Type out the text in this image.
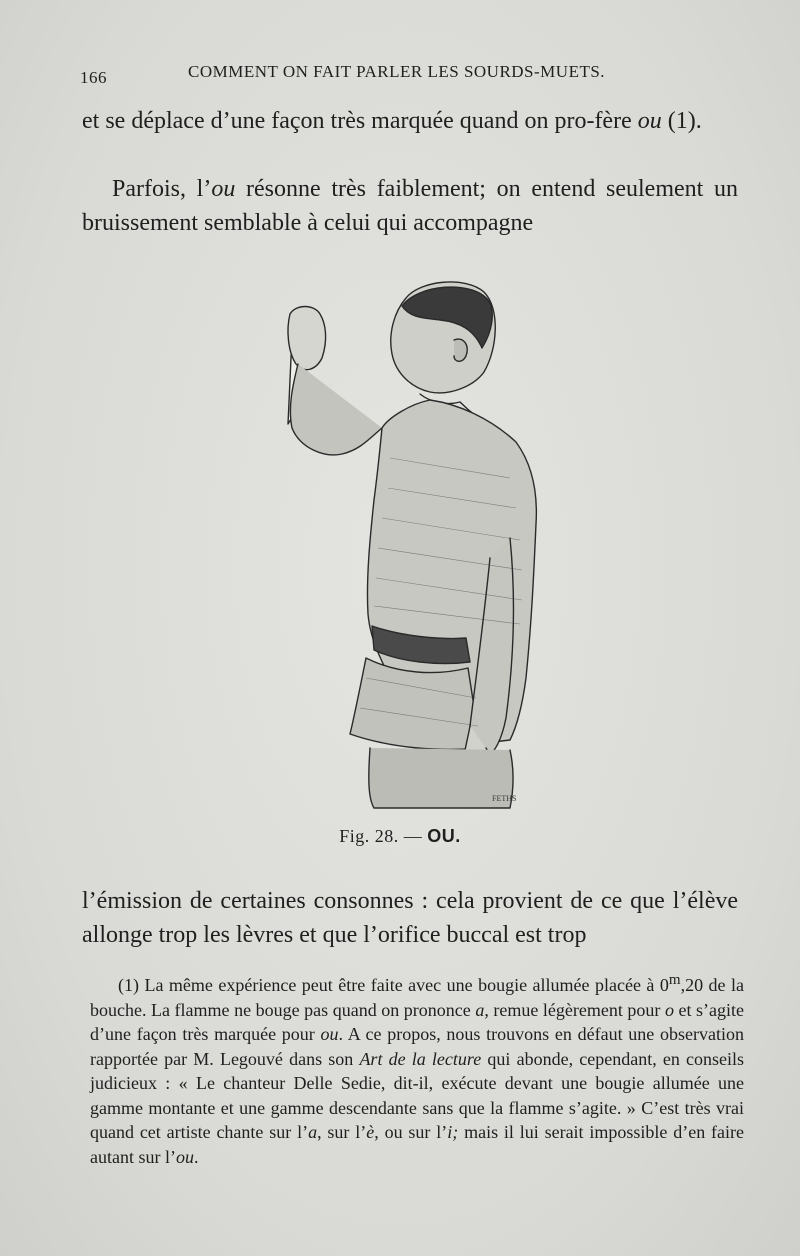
166	COMMENT ON FAIT PARLER LES SOURDS-MUETS.
et se déplace d’une façon très marquée quand on pro-fère ou (1).
Parfois, l’ou résonne très faiblement; on entend seulement un bruissement semblable à celui qui accompagne
FETHS
Fig. 28. — OU.
l’émission de certaines consonnes : cela provient de ce que l’élève allonge trop les lèvres et que l’orifice buccal est trop
(1) La même expérience peut être faite avec une bougie allumée placée à 0$^m$,20 de la bouche. La flamme ne bouge pas quand on prononce a, remue légèrement pour o et s’agite d’une façon très marquée pour ou. A ce propos, nous trouvons en défaut une observation rapportée par M. Legouvé dans son Art de la lecture qui abonde, cependant, en conseils judicieux : « Le chanteur Delle Sedie, dit-il, exécute devant une bougie allumée une gamme montante et une gamme descendante sans que la flamme s’agite. » C’est très vrai quand cet artiste chante sur l’a, sur l’è, ou sur l’i; mais il lui serait impossible d’en faire autant sur l’ou.
